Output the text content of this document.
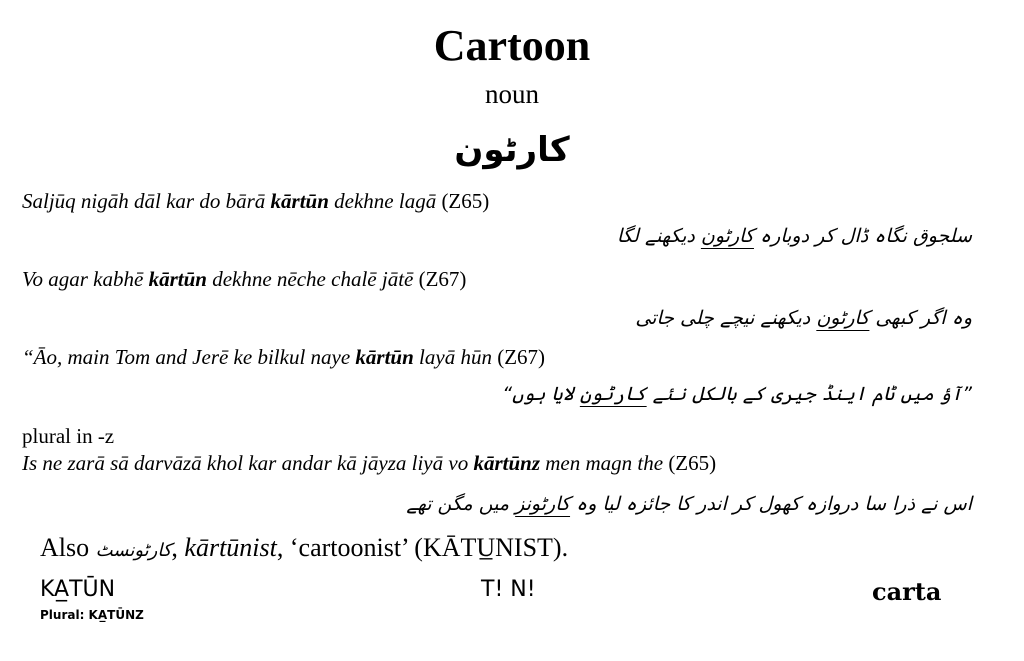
Cartoon
noun
کارٹون
Saljūq nigāh dāl kar do bārā kārtūn dekhne lagā (Z65)
سلجوق نگاہ ڈال کر دوبارہ کارٹون دیکھنے لگا
Vo agar kabhē kārtūn dekhne nēche chalē jātē (Z67)
وہ اگر کبھی کارٹون دیکھنے نیچے چلی جاتی
“Āo, main Tom and Jerē ke bilkul naye kārtūn layā hūn (Z67)
”آؤ میں ٹام اینڈ جیری کے بالکل نئے کارٹون لایا ہوں“
plural in -z
Is ne zarā sā darvāzā khol kar andar kā jāyza liyā vo kārtūnz men magn the (Z65)
اس نے ذرا سا دروازہ کھول کر اندر کا جائزہ لیا وہ کارٹونز میں مگن تھے
Also کارٹونسٹ, kārtūnist, ‘cartoonist’ (KĀTU̲NIST).
KA̲TŪN
Plural: KA̲TŪNZ
T! N!	carta
